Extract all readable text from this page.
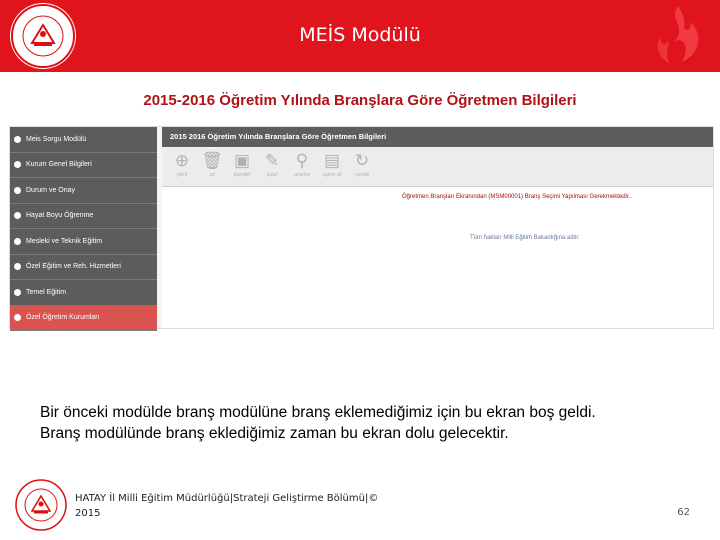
MEİS Modülü
2015-2016 Öğretim Yılında Branşlara Göre Öğretmen Bilgileri
Meis Sorgu Modülü
Kurum Genel Bilgileri
Durum ve Onay
Hayat Boyu Öğrenme
Mesleki ve Teknik Eğitim
Özel Eğitim ve Reh. Hizmetleri
Temel Eğitim
Özel Öğretim Kurumları
2015 2016 Öğretim Yılında Branşlara Göre Öğretmen Bilgileri
⊕
yeni
🗑
sil
▣
kaydet
✎
iptal
⚲
arama
▤
rapor al
↻
yenile
Öğretmen Branşları Ekranından (MSM00001) Branş Seçimi Yapılması Gerekmektedir..
Tüm hakları Milli Eğitim Bakanlığına aittir.
Bir önceki modülde branş modülüne branş eklemediğimiz için bu ekran boş geldi.
Branş modülünde branş eklediğimiz zaman bu ekran dolu gelecektir.
HATAY İl Milli Eğitim Müdürlüğü|Strateji Geliştirme Bölümü|©
2015	62
